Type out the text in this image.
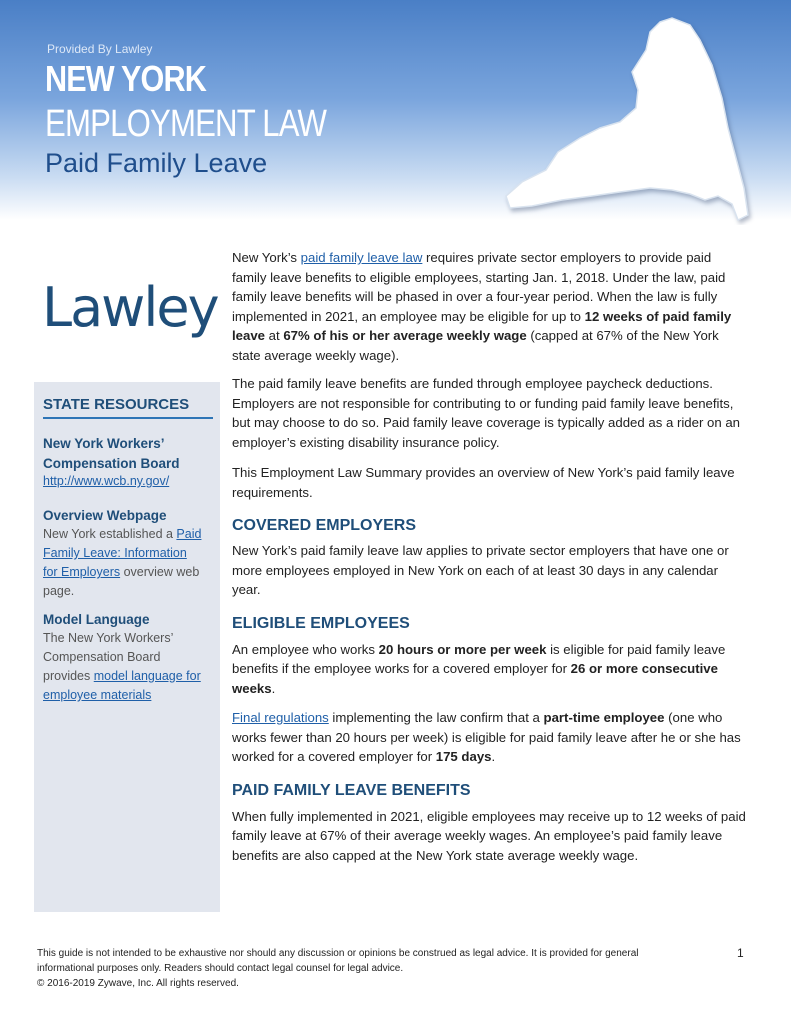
Provided By Lawley
NEW YORK
EMPLOYMENT LAW
Paid Family Leave
Lawley
STATE RESOURCES
New York Workers’
Compensation Board
http://www.wcb.ny.gov/
Overview Webpage
New York established a Paid
Family Leave: Information
for Employers overview web
page.
Model Language
The New York Workers’
Compensation Board
provides model language for
employee materials

New York’s paid family leave law requires private sector employers to provide paid family leave benefits to eligible employees, starting Jan. 1, 2018. Under the law, paid family leave benefits will be phased in over a four-year period. When the law is fully implemented in 2021, an employee may be eligible for up to 12 weeks of paid family leave at 67% of his or her average weekly wage (capped at 67% of the New York state average weekly wage).

The paid family leave benefits are funded through employee paycheck deductions. Employers are not responsible for contributing to or funding paid family leave benefits, but may choose to do so. Paid family leave coverage is typically added as a rider on an employer’s existing disability insurance policy.

This Employment Law Summary provides an overview of New York’s paid family leave requirements.

COVERED EMPLOYERS

New York’s paid family leave law applies to private sector employers that have one or more employees employed in New York on each of at least 30 days in any calendar year.

ELIGIBLE EMPLOYEES

An employee who works 20 hours or more per week is eligible for paid family leave benefits if the employee works for a covered employer for 26 or more consecutive weeks.

Final regulations implementing the law confirm that a part-time employee (one who works fewer than 20 hours per week) is eligible for paid family leave after he or she has worked for a covered employer for 175 days.

PAID FAMILY LEAVE BENEFITS

When fully implemented in 2021, eligible employees may receive up to 12 weeks of paid family leave at 67% of their average weekly wages. An employee’s paid family leave benefits are also capped at the New York state average weekly wage.

This guide is not intended to be exhaustive nor should any discussion or opinions be construed as legal advice. It is provided for general informational purposes only. Readers should contact legal counsel for legal advice.

© 2016-2019 Zywave, Inc. All rights reserved.

1
